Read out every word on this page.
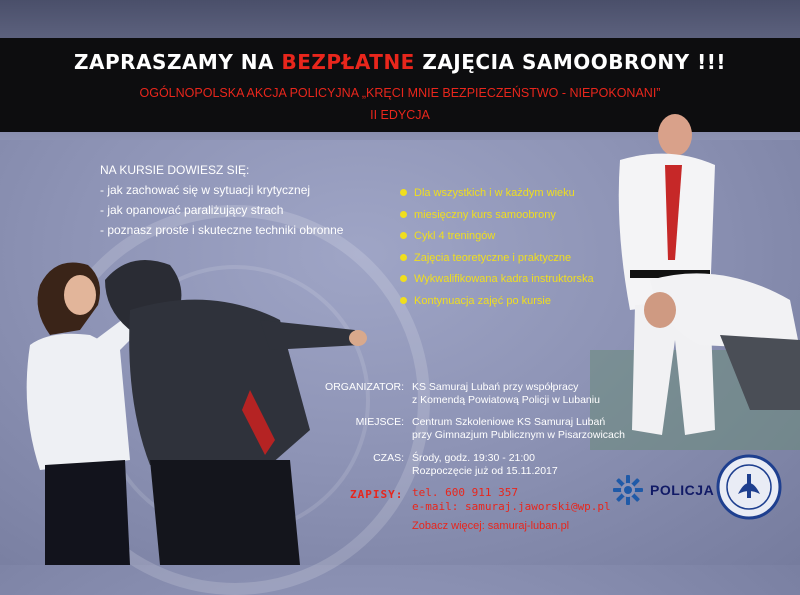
ZAPRASZAMY NA BEZPŁATNE ZAJĘCIA SAMOOBRONY !!!
OGÓLNOPOLSKA AKCJA POLICYJNA „KRĘCI MNIE BEZPIECZEŃSTWO - NIEPOKONANI”
II EDYCJA
NA KURSIE DOWIESZ SIĘ:
- jak zachować się w sytuacji krytycznej
- jak opanować paraliżujący strach
- poznasz proste i skuteczne techniki obronne
Dla wszystkich i w każdym wieku
miesięczny kurs samoobrony
Cykl 4 treningów
Zajęcia teoretyczne i praktyczne
Wykwalifikowana kadra instruktorska
Kontynuacja zajęć po kursie
ORGANIZATOR: KS Samuraj Lubań przy współpracy
z Komendą Powiatową Policji w Lubaniu
MIEJSCE: Centrum Szkoleniowe KS Samuraj Lubań
przy Gimnazjum Publicznym w Pisarzowicach
CZAS: Środy, godz. 19:30 - 21:00
Rozpoczęcie już od 15.11.2017
ZAPISY: tel. 600 911 357
e-mail: samuraj.jaworski@wp.pl
Zobacz więcej: samuraj-luban.pl
POLICJA
